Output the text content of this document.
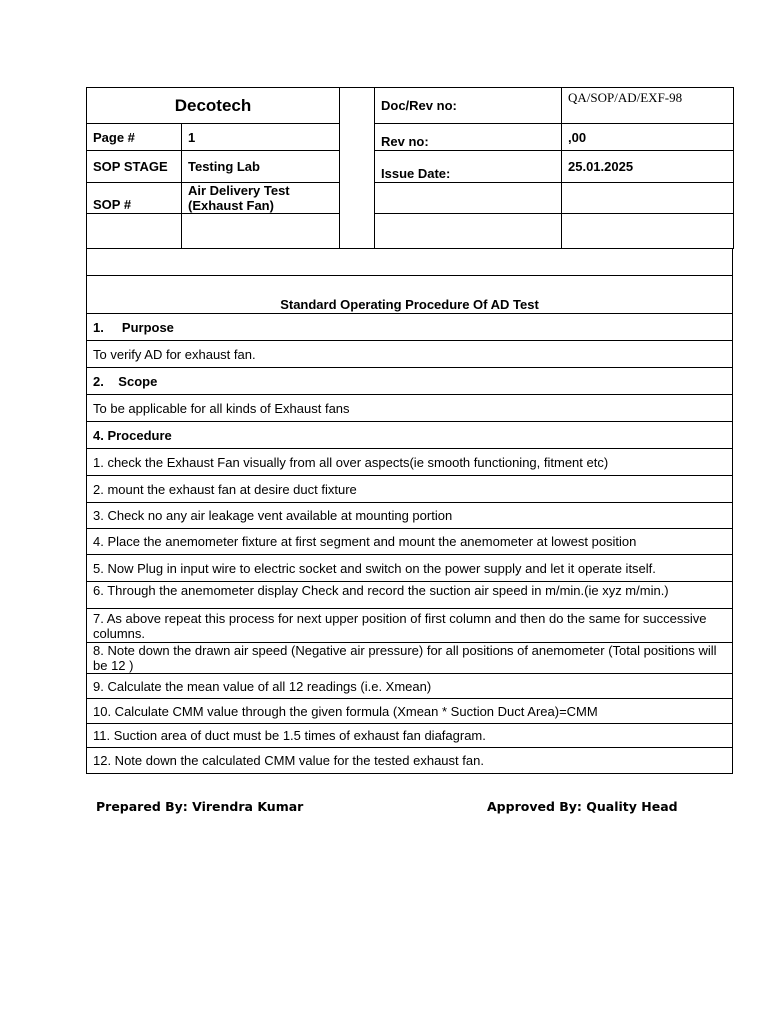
Decotech			Doc/Rev no:	QA/SOP/AD/EXF-98
Page #	1		Rev no:	,00
SOP STAGE	Testing Lab		Issue Date:	25.01.2025
SOP #	Air Delivery Test (Exhaust Fan)			

Standard Operating Procedure Of AD Test
1.     Purpose
To verify AD for exhaust fan.
2.    Scope
To be applicable for all kinds of Exhaust fans
4. Procedure
1. check the Exhaust Fan visually from all over aspects(ie smooth functioning, fitment etc)
2. mount the exhaust fan at desire duct fixture
3. Check no any air leakage vent available at mounting portion
4. Place the anemometer fixture at first segment and mount the anemometer at lowest position
5. Now Plug in input wire to electric socket and switch on the power supply and let it operate itself.
6. Through the anemometer display Check and record the suction air speed in m/min.(ie xyz m/min.)
7. As above repeat this process for next upper position of first column and then do the same for successive columns.
8. Note down the drawn air speed (Negative air pressure) for all positions of anemometer (Total positions will be 12 )
9. Calculate the mean value of all 12 readings (i.e. Xmean)
10. Calculate CMM value through the given formula (Xmean * Suction Duct Area)=CMM
11. Suction area of duct must be 1.5 times of exhaust fan diafagram.
12. Note down the calculated CMM value for the tested exhaust fan.
Prepared By: Virendra Kumar	Approved By: Quality Head
